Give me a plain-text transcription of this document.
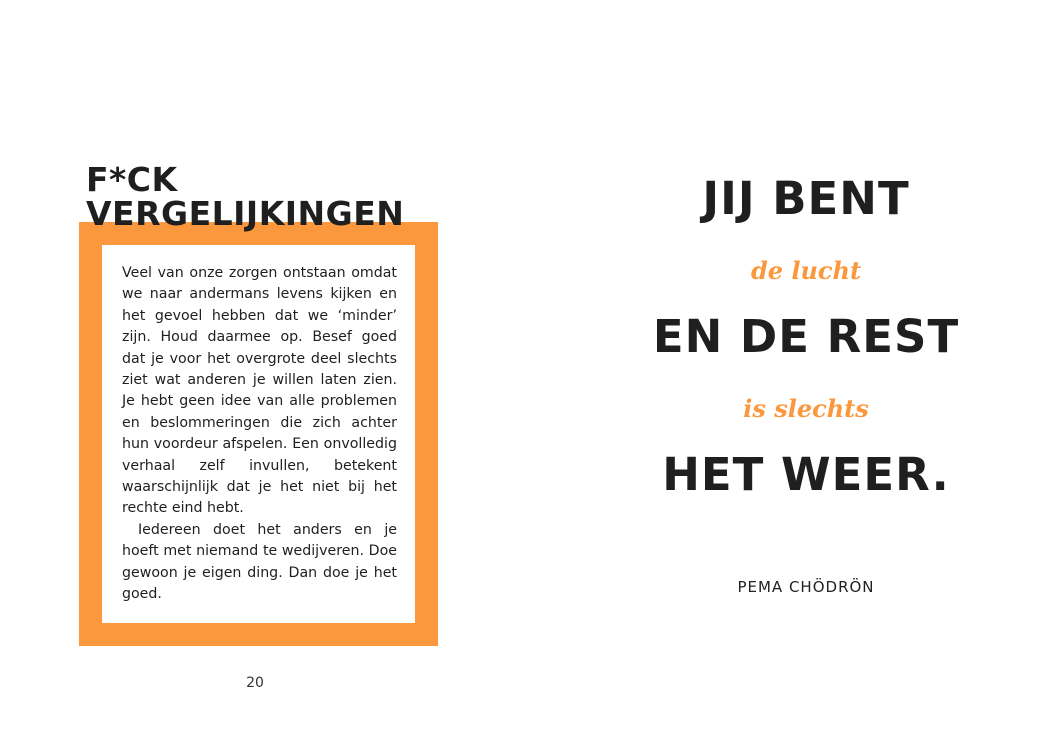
F*CK
VERGELIJKINGEN

Veel van onze zorgen ontstaan omdat we naar andermans levens kijken en het gevoel hebben dat we ‘minder’ zijn. Houd daarmee op. Besef goed dat je voor het overgrote deel slechts ziet wat anderen je willen laten zien. Je hebt geen idee van alle problemen en beslommeringen die zich achter hun voordeur afspelen. Een onvolledig verhaal zelf invullen, betekent waarschijnlijk dat je het niet bij het rechte eind hebt.

Iedereen doet het anders en je hoeft met niemand te wedijveren. Doe gewoon je eigen ding. Dan doe je het goed.

20
JIJ BENT
de lucht
EN DE REST
is slechts
HET WEER.
PEMA CHÖDRÖN
